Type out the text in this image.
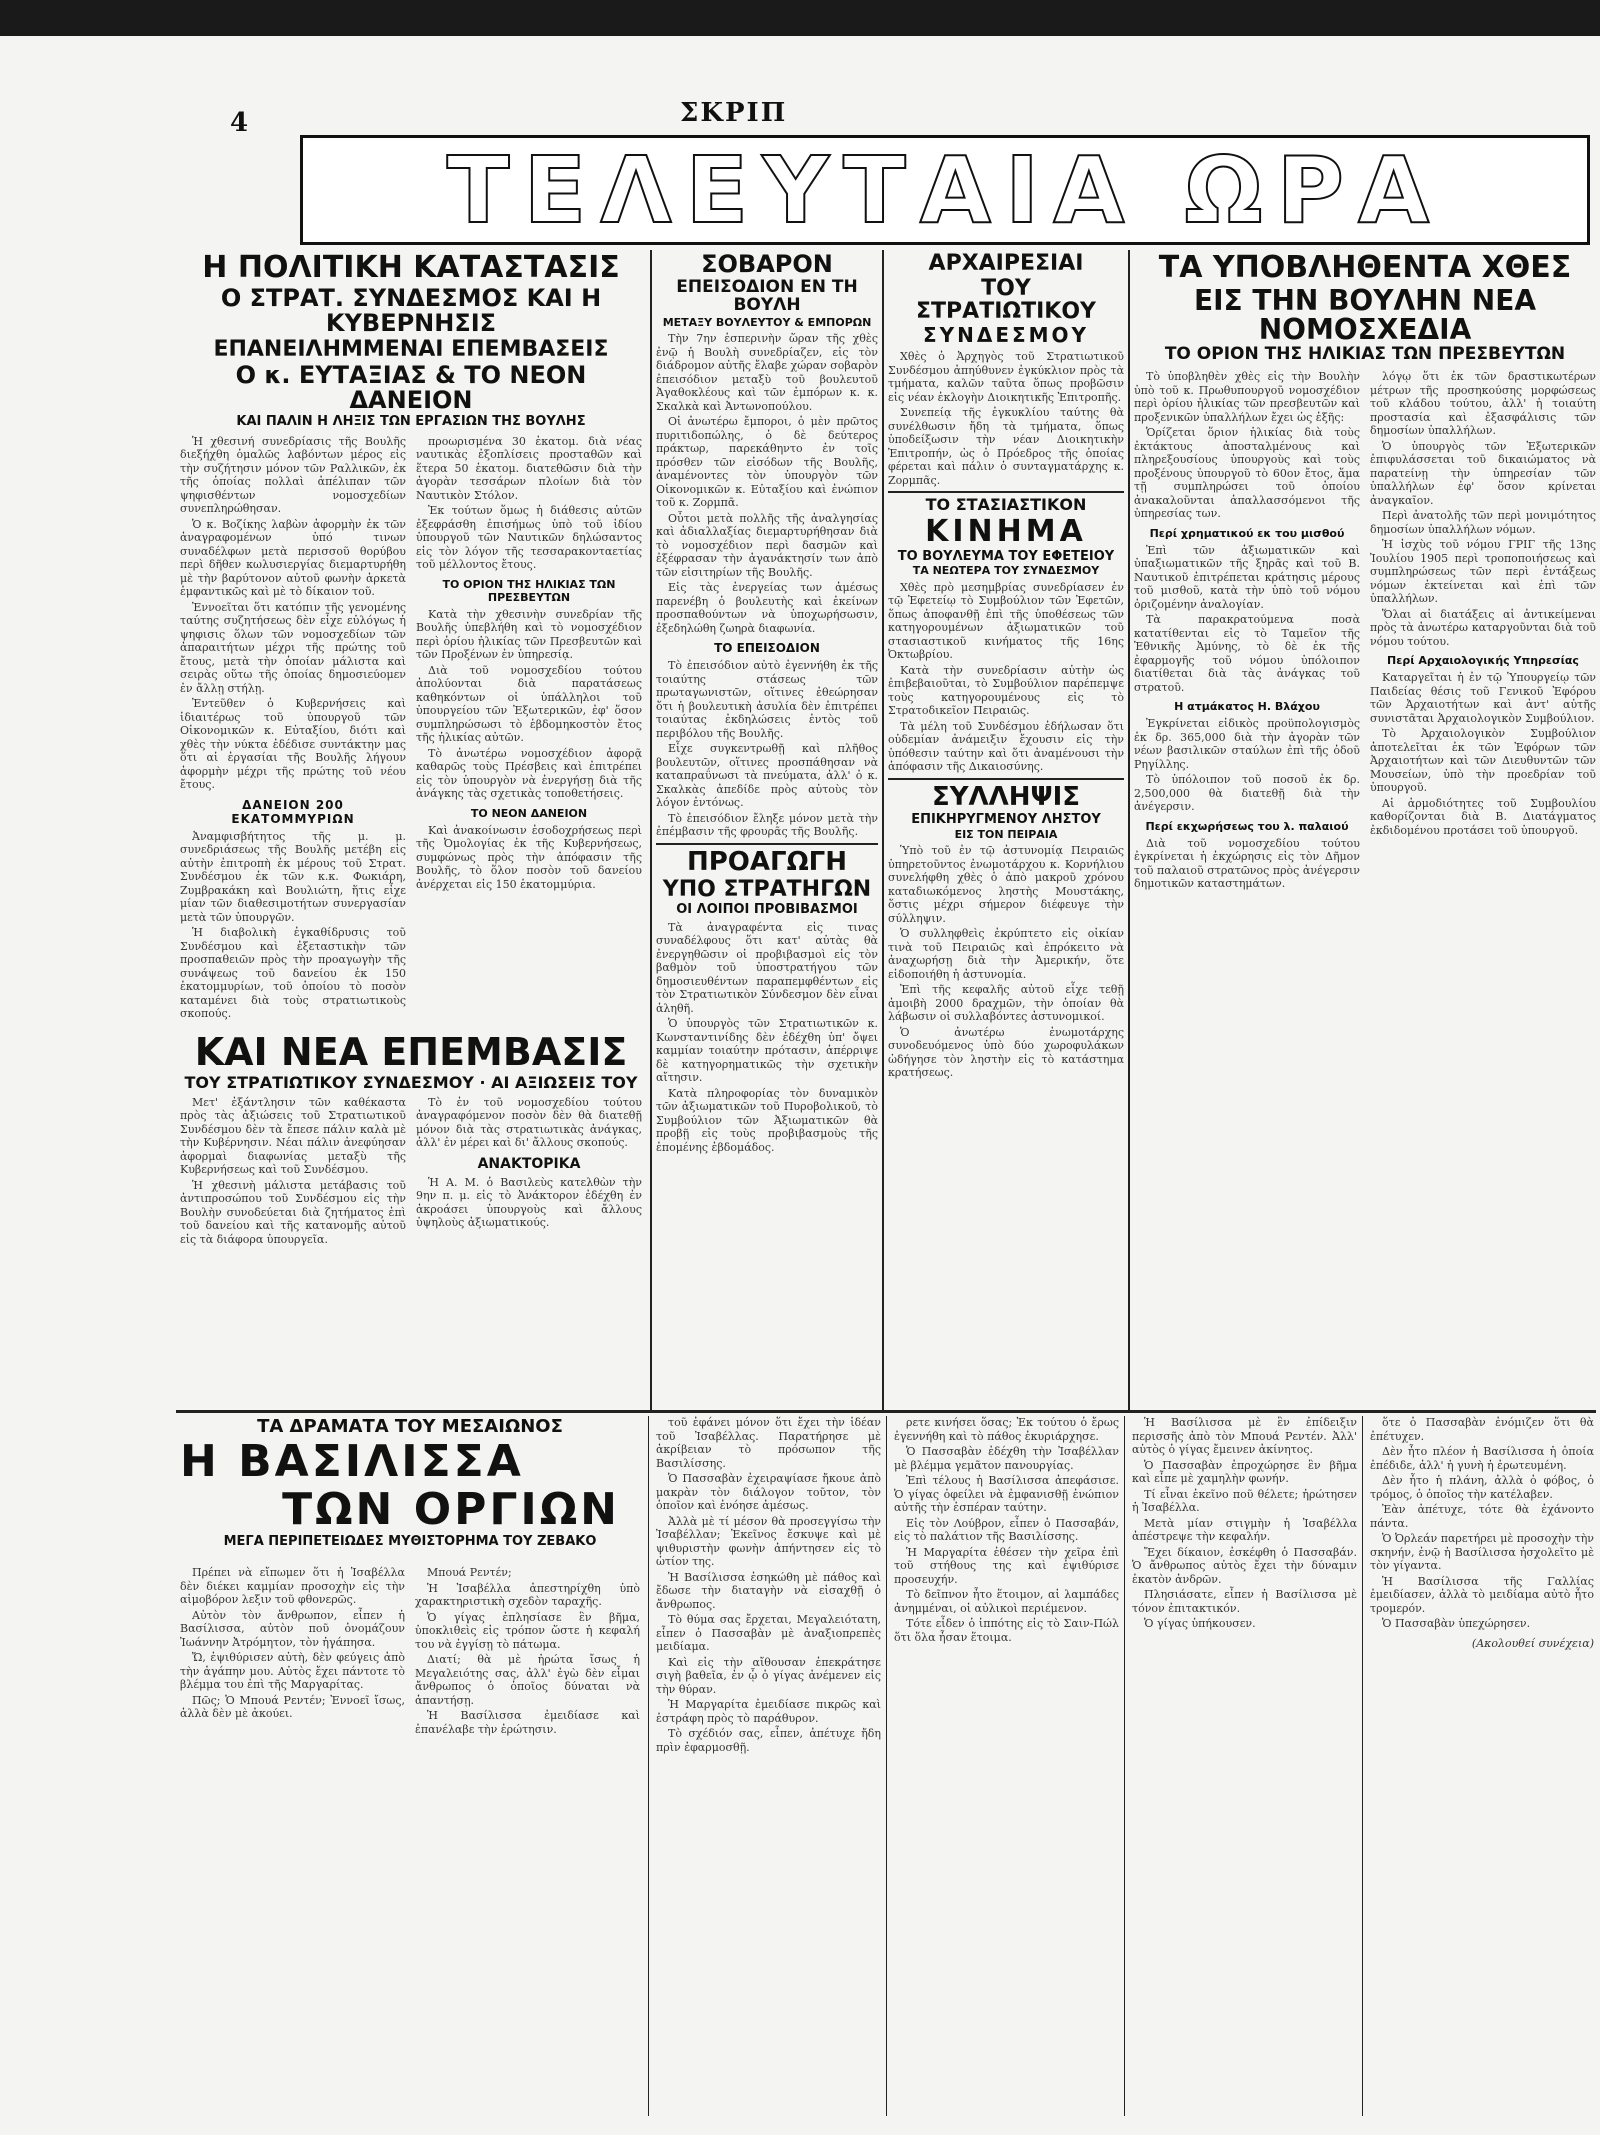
4	ΣΚΡΙΠ
ΤΕΛΕΥΤΑΙΑ ΩΡΑ
Η ΠΟΛΙΤΙΚΗ ΚΑΤΑΣΤΑΣΙΣ
Ο ΣΤΡΑΤ. ΣΥΝΔΕΣΜΟΣ ΚΑΙ Η ΚΥΒΕΡΝΗΣΙΣ
ΕΠΑΝΕΙΛΗΜΜΕΝΑΙ ΕΠΕΜΒΑΣΕΙΣ
Ο κ. ΕΥΤΑΞΙΑΣ & ΤΟ ΝΕΟΝ ΔΑΝΕΙΟΝ
ΚΑΙ ΠΑΛΙΝ Η ΛΗΞΙΣ ΤΩΝ ΕΡΓΑΣΙΩΝ ΤΗΣ ΒΟΥΛΗΣ

Ἡ χθεσινή συνεδρίασις τῆς Βουλῆς διεξήχθη ὁμαλῶς λαβόντων μέρος εἰς τὴν συζήτησιν μόνον τῶν Ραλλικῶν, ἐκ τῆς ὁποίας πολλαὶ ἀπέλιπαν τῶν ψηφισθέντων νομοσχεδίων συνεπληρώθησαν.

Ὁ κ. Βοζίκης λαβὼν ἀφορμὴν ἐκ τῶν ἀναγραφομένων ὑπό τινων συναδέλφων μετὰ περισσοῦ θορύβου περὶ δῆθεν κωλυσιεργίας διεμαρτυρήθη μὲ τὴν βαρύτονον αὐτοῦ φωνὴν ἀρκετὰ ἐμφαντικῶς καὶ μὲ τὸ δίκαιον τοῦ.

Ἐννοεῖται ὅτι κατόπιν τῆς γενομένης ταύτης συζητήσεως δὲν εἶχε εὐλόγως ἡ ψηφισις ὅλων τῶν νομοσχεδίων τῶν ἀπαραιτήτων μέχρι τῆς πρώτης τοῦ ἔτους, μετὰ τὴν ὁποίαν μάλιστα καὶ σειρὰς οὕτω τῆς ὁποίας δημοσιεύομεν ἐν ἄλλῃ στήλῃ.

Ἐντεῦθεν ὁ Κυβερνήσεις καὶ ἰδιαιτέρως τοῦ ὑπουργοῦ τῶν Οἰκονομικῶν κ. Εὐταξίου, διότι καὶ χθὲς τὴν νύκτα ἐδέδισε συντάκτην μας ὅτι αἱ ἐργασίαι τῆς Βουλῆς λήγουν ἀφορμὴν μέχρι τῆς πρώτης τοῦ νέου ἔτους.

ΔΑΝΕΙΟΝ 200 ΕΚΑΤΟΜΜΥΡΙΩΝ

Ἀναμφισβήτητος τῆς μ. μ. συνεδριάσεως τῆς Βουλῆς μετέβη εἰς αὐτὴν ἐπιτροπὴ ἐκ μέρους τοῦ Στρατ. Συνδέσμου ἐκ τῶν κ.κ. Φωκιάρη, Ζυμβρακάκη καὶ Βουλιώτη, ἥτις εἶχε μίαν τῶν διαθεσιμοτήτων συνεργασίαν μετὰ τῶν ὑπουργῶν.

Ἡ διαβολικὴ ἐγκαθίδρυσις τοῦ Συνδέσμου καὶ ἐξεταστικὴν τῶν προσπαθειῶν πρὸς τὴν προαγωγὴν τῆς συνάψεως τοῦ δανείου ἐκ 150 ἑκατομμυρίων, τοῦ ὁποίου τὸ ποσὸν καταμένει διὰ τοὺς στρατιωτικοὺς σκοπούς.

προωρισμένα 30 ἑκατομ. διὰ νέας ναυτικὰς ἐξοπλίσεις προσταθῶν καὶ ἕτερα 50 ἑκατομ. διατεθῶσιν διὰ τὴν ἀγορὰν τεσσάρων πλοίων διὰ τὸν Ναυτικὸν Στόλον.

Ἐκ τούτων ὅμως ἡ διάθεσις αὐτῶν ἐξεφράσθη ἐπισήμως ὑπὸ τοῦ ἰδίου ὑπουργοῦ τῶν Ναυτικῶν δηλώσαντος εἰς τὸν λόγον τῆς τεσσαρακονταετίας τοῦ μέλλοντος ἔτους.

ΤΟ ΟΡΙΟΝ ΤΗΣ ΗΛΙΚΙΑΣ ΤΩΝ ΠΡΕΣΒΕΥΤΩΝ

Κατὰ τὴν χθεσινὴν συνεδρίαν τῆς Βουλῆς ὑπεβλήθη καὶ τὸ νομοσχέδιον περὶ ὁρίου ἡλικίας τῶν Πρεσβευτῶν καὶ τῶν Προξένων ἐν ὑπηρεσίᾳ.

Διὰ τοῦ νομοσχεδίου τούτου ἀπολύονται διὰ παρατάσεως καθηκόντων οἱ ὑπάλληλοι τοῦ ὑπουργείου τῶν Ἐξωτερικῶν, ἐφ' ὅσον συμπληρώσωσι τὸ ἑβδομηκοστὸν ἔτος τῆς ἡλικίας αὐτῶν.

Τὸ ἀνωτέρω νομοσχέδιον ἀφορᾷ καθαρῶς τοὺς Πρέσβεις καὶ ἐπιτρέπει εἰς τὸν ὑπουργὸν νὰ ἐνεργήσῃ διὰ τῆς ἀνάγκης τὰς σχετικὰς τοποθετήσεις.

ΤΟ ΝΕΟΝ ΔΑΝΕΙΟΝ

Καὶ ἀνακοίνωσιν ἐσοδοχρήσεως περὶ τῆς Ὀμολογίας ἐκ τῆς Κυβερνήσεως, συμφώνως πρὸς τὴν ἀπόφασιν τῆς Βουλῆς, τὸ ὅλον ποσὸν τοῦ δανείου ἀνέρχεται εἰς 150 ἑκατομμύρια.

ΚΑΙ ΝΕΑ ΕΠΕΜΒΑΣΙΣ
ΤΟΥ ΣΤΡΑΤΙΩΤΙΚΟΥ ΣΥΝΔΕΣΜΟΥ · ΑΙ ΑΞΙΩΣΕΙΣ ΤΟΥ

Μετ' ἐξάντλησιν τῶν καθέκαστα πρὸς τὰς ἀξιώσεις τοῦ Στρατιωτικοῦ Συνδέσμου δὲν τὰ ἔπεσε πάλιν καλὰ μὲ τὴν Κυβέρνησιν. Νέαι πάλιν ἀνεφύησαν ἀφορμαὶ διαφωνίας μεταξὺ τῆς Κυβερνήσεως καὶ τοῦ Συνδέσμου.

Ἡ χθεσινὴ μάλιστα μετάβασις τοῦ ἀντιπροσώπου τοῦ Συνδέσμου εἰς τὴν Βουλὴν συνοδεύεται διὰ ζητήματος ἐπὶ τοῦ δανείου καὶ τῆς κατανομῆς αὐτοῦ εἰς τὰ διάφορα ὑπουργεῖα.

Τὸ ἐν τοῦ νομοσχεδίου τούτου ἀναγραφόμενον ποσὸν δὲν θὰ διατεθῇ μόνον διὰ τὰς στρατιωτικὰς ἀνάγκας, ἀλλ' ἐν μέρει καὶ δι' ἄλλους σκοπούς.

ΑΝΑΚΤΟΡΙΚΑ

Ἡ Α. Μ. ὁ Βασιλεὺς κατελθὼν τὴν 9ην π. μ. εἰς τὸ Ἀνάκτορον ἐδέχθη ἐν ἀκροάσει ὑπουργοὺς καὶ ἄλλους ὑψηλοὺς ἀξιωματικούς.

ΣΟΒΑΡΟΝ
ΕΠΕΙΣΟΔΙΟΝ ΕΝ ΤΗ ΒΟΥΛΗ
ΜΕΤΑΞΥ ΒΟΥΛΕΥΤΟΥ & ΕΜΠΟΡΩΝ

Τὴν 7ην ἑσπερινὴν ὥραν τῆς χθὲς ἐνῷ ἡ Βουλὴ συνεδρίαζεν, εἰς τὸν διάδρομον αὐτῆς ἔλαβε χώραν σοβαρὸν ἐπεισόδιον μεταξὺ τοῦ βουλευτοῦ Ἀγαθοκλέους καὶ τῶν ἐμπόρων κ. κ. Σκαλκὰ καὶ Ἀντωνοπούλου.

Οἱ ἀνωτέρω ἔμποροι, ὁ μὲν πρῶτος πυριτιδοπώλης, ὁ δὲ δεύτερος πράκτωρ, παρεκάθηντο ἐν τοῖς πρόσθεν τῶν εἰσόδων τῆς Βουλῆς, ἀναμένοντες τὸν ὑπουργὸν τῶν Οἰκονομικῶν κ. Εὐταξίου καὶ ἐνώπιον τοῦ κ. Ζορμπᾶ.

Οὗτοι μετὰ πολλῆς τῆς ἀναλγησίας καὶ ἀδιαλλαξίας διεμαρτυρήθησαν διὰ τὸ νομοσχέδιον περὶ δασμῶν καὶ ἐξέφρασαν τὴν ἀγανάκτησίν των ἀπὸ τῶν εἰσιτηρίων τῆς Βουλῆς.

Εἰς τὰς ἐνεργείας των ἀμέσως παρενέβη ὁ βουλευτὴς καὶ ἐκείνων προσπαθούντων νὰ ὑποχωρήσωσιν, ἐξεδηλώθη ζωηρὰ διαφωνία.

ΤΟ ΕΠΕΙΣΟΔΙΟΝ

Τὸ ἐπεισόδιον αὐτὸ ἐγεννήθη ἐκ τῆς τοιαύτης στάσεως τῶν πρωταγωνιστῶν, οἵτινες ἐθεώρησαν ὅτι ἡ βουλευτικὴ ἀσυλία δὲν ἐπιτρέπει τοιαύτας ἐκδηλώσεις ἐντὸς τοῦ περιβόλου τῆς Βουλῆς.

Εἶχε συγκεντρωθῇ καὶ πλῆθος βουλευτῶν, οἵτινες προσπάθησαν νὰ καταπραΰνωσι τὰ πνεύματα, ἀλλ' ὁ κ. Σκαλκὰς ἀπεδίδε πρὸς αὐτοὺς τὸν λόγον ἐντόνως.

Τὸ ἐπεισόδιον ἔληξε μόνον μετὰ τὴν ἐπέμβασιν τῆς φρουρᾶς τῆς Βουλῆς.

ΠΡΟΑΓΩΓΗ
ΥΠΟ ΣΤΡΑΤΗΓΩΝ
ΟΙ ΛΟΙΠΟΙ ΠΡΟΒΙΒΑΣΜΟΙ

Τὰ ἀναγραφέντα εἰς τινας συναδέλφους ὅτι κατ' αὐτὰς θὰ ἐνεργηθῶσιν οἱ προβιβασμοὶ εἰς τὸν βαθμὸν τοῦ ὑποστρατήγου τῶν δημοσιευθέντων παραπεμφθέντων εἰς τὸν Στρατιωτικὸν Σύνδεσμον δὲν εἶναι ἀληθῆ.

Ὁ ὑπουργὸς τῶν Στρατιωτικῶν κ. Κωνσταντινίδης δὲν ἐδέχθη ὑπ' ὄψει καμμίαν τοιαύτην πρότασιν, ἀπέρριψε δὲ κατηγορηματικῶς τὴν σχετικὴν αἴτησιν.

Κατὰ πληροφορίας τὸν δυναμικὸν τῶν ἀξιωματικῶν τοῦ Πυροβολικοῦ, τὸ Συμβούλιον τῶν Ἀξιωματικῶν θὰ προβῇ εἰς τοὺς προβιβασμοὺς τῆς ἑπομένης ἑβδομάδος.

ΑΡΧΑΙΡΕΣΙΑΙ
ΤΟΥ ΣΤΡΑΤΙΩΤΙΚΟΥ
ΣΥΝΔΕΣΜΟΥ

Χθὲς ὁ Ἀρχηγὸς τοῦ Στρατιωτικοῦ Συνδέσμου ἀπηύθυνεν ἐγκύκλιον πρὸς τὰ τμήματα, καλῶν ταῦτα ὅπως προβῶσιν εἰς νέαν ἐκλογὴν Διοικητικῆς Ἐπιτροπῆς.

Συνεπείᾳ τῆς ἐγκυκλίου ταύτης θὰ συνέλθωσιν ἤδη τὰ τμήματα, ὅπως ὑποδείξωσιν τὴν νέαν Διοικητικὴν Ἐπιτροπήν, ὡς ὁ Πρόεδρος τῆς ὁποίας φέρεται καὶ πάλιν ὁ συνταγματάρχης κ. Ζορμπᾶς.

ΤΟ ΣΤΑΣΙΑΣΤΙΚΟΝ
ΚΙΝΗΜΑ
ΤΟ ΒΟΥΛΕΥΜΑ ΤΟΥ ΕΦΕΤΕΙΟΥ
ΤΑ ΝΕΩΤΕΡΑ ΤΟΥ ΣΥΝΔΕΣΜΟΥ

Χθὲς πρὸ μεσημβρίας συνεδρίασεν ἐν τῷ Ἐφετείῳ τὸ Συμβούλιον τῶν Ἐφετῶν, ὅπως ἀποφανθῇ ἐπὶ τῆς ὑποθέσεως τῶν κατηγορουμένων ἀξιωματικῶν τοῦ στασιαστικοῦ κινήματος τῆς 16ης Ὀκτωβρίου.

Κατὰ τὴν συνεδρίασιν αὐτὴν ὡς ἐπιβεβαιοῦται, τὸ Συμβούλιον παρέπεμψε τοὺς κατηγορουμένους εἰς τὸ Στρατοδικεῖον Πειραιῶς.

Τὰ μέλη τοῦ Συνδέσμου ἐδήλωσαν ὅτι οὐδεμίαν ἀνάμειξιν ἔχουσιν εἰς τὴν ὑπόθεσιν ταύτην καὶ ὅτι ἀναμένουσι τὴν ἀπόφασιν τῆς Δικαιοσύνης.

ΣΥΛΛΗΨΙΣ
ΕΠΙΚΗΡΥΓΜΕΝΟΥ ΛΗΣΤΟΥ
ΕΙΣ ΤΟΝ ΠΕΙΡΑΙΑ

Ὑπὸ τοῦ ἐν τῷ ἀστυνομίᾳ Πειραιῶς ὑπηρετοῦντος ἐνωμοτάρχου κ. Κορνήλιου συνελήφθη χθὲς ὁ ἀπὸ μακροῦ χρόνου καταδιωκόμενος ληστὴς Μουστάκης, ὅστις μέχρι σήμερον διέφευγε τὴν σύλληψιν.

Ὁ συλληφθεὶς ἐκρύπτετο εἰς οἰκίαν τινὰ τοῦ Πειραιῶς καὶ ἐπρόκειτο νὰ ἀναχωρήσῃ διὰ τὴν Ἀμερικήν, ὅτε εἰδοποιήθη ἡ ἀστυνομία.

Ἐπὶ τῆς κεφαλῆς αὐτοῦ εἶχε τεθῇ ἀμοιβὴ 2000 δραχμῶν, τὴν ὁποίαν θὰ λάβωσιν οἱ συλλαβόντες ἀστυνομικοί.

Ὁ ἀνωτέρω ἐνωμοτάρχης συνοδευόμενος ὑπὸ δύο χωροφυλάκων ὡδήγησε τὸν ληστὴν εἰς τὸ κατάστημα κρατήσεως.

ΤΑ ΥΠΟΒΛΗΘΕΝΤΑ ΧΘΕΣ
ΕΙΣ ΤΗΝ ΒΟΥΛΗΝ ΝΕΑ ΝΟΜΟΣΧΕΔΙΑ
ΤΟ ΟΡΙΟΝ ΤΗΣ ΗΛΙΚΙΑΣ ΤΩΝ ΠΡΕΣΒΕΥΤΩΝ

Τὸ ὑποβληθὲν χθὲς εἰς τὴν Βουλὴν ὑπὸ τοῦ κ. Πρωθυπουργοῦ νομοσχέδιον περὶ ὁρίου ἡλικίας τῶν πρεσβευτῶν καὶ προξενικῶν ὑπαλλήλων ἔχει ὡς ἑξῆς:

Ὁρίζεται ὅριον ἡλικίας διὰ τοὺς ἐκτάκτους ἀποσταλμένους καὶ πληρεξουσίους ὑπουργοὺς καὶ τοὺς προξένους ὑπουργοῦ τὸ 60ον ἔτος, ἅμα τῇ συμπληρώσει τοῦ ὁποίου ἀνακαλοῦνται ἀπαλλασσόμενοι τῆς ὑπηρεσίας των.

Περί χρηματικού εκ του μισθού

Ἐπὶ τῶν ἀξιωματικῶν καὶ ὑπαξιωματικῶν τῆς ξηρᾶς καὶ τοῦ Β. Ναυτικοῦ ἐπιτρέπεται κράτησις μέρους τοῦ μισθοῦ, κατὰ τὴν ὑπὸ τοῦ νόμου ὁριζομένην ἀναλογίαν.

Τὰ παρακρατούμενα ποσὰ κατατίθενται εἰς τὸ Ταμεῖον τῆς Ἐθνικῆς Ἀμύνης, τὸ δὲ ἐκ τῆς ἐφαρμογῆς τοῦ νόμου ὑπόλοιπον διατίθεται διὰ τὰς ἀνάγκας τοῦ στρατοῦ.

Η ατμάκατος Η. Βλάχου

Ἐγκρίνεται εἰδικὸς προϋπολογισμὸς ἐκ δρ. 365,000 διὰ τὴν ἀγορὰν τῶν νέων βασιλικῶν σταύλων ἐπὶ τῆς ὁδοῦ Ρηγίλλης.

Τὸ ὑπόλοιπον τοῦ ποσοῦ ἐκ δρ. 2,500,000 θὰ διατεθῇ διὰ τὴν ἀνέγερσιν.

Περί εκχωρήσεως του λ. παλαιού

Διὰ τοῦ νομοσχεδίου τούτου ἐγκρίνεται ἡ ἐκχώρησις εἰς τὸν Δῆμον τοῦ παλαιοῦ στρατῶνος πρὸς ἀνέγερσιν δημοτικῶν καταστημάτων.

λόγῳ ὅτι ἐκ τῶν δραστικωτέρων μέτρων τῆς προσηκούσης μορφώσεως τοῦ κλάδου τούτου, ἀλλ' ἡ τοιαύτη προστασία καὶ ἐξασφάλισις τῶν δημοσίων ὑπαλλήλων.

Ὁ ὑπουργὸς τῶν Ἐξωτερικῶν ἐπιφυλάσσεται τοῦ δικαιώματος νὰ παρατείνῃ τὴν ὑπηρεσίαν τῶν ὑπαλλήλων ἐφ' ὅσον κρίνεται ἀναγκαῖον.

Περὶ ἀνατολῆς τῶν περὶ μονιμότητος δημοσίων ὑπαλλήλων νόμων.

Ἡ ἰσχὺς τοῦ νόμου ΓΡΙΓ τῆς 13ης Ἰουλίου 1905 περὶ τροποποιήσεως καὶ συμπληρώσεως τῶν περὶ ἐντάξεως νόμων ἐκτείνεται καὶ ἐπὶ τῶν ὑπαλλήλων.

Ὅλαι αἱ διατάξεις αἱ ἀντικείμεναι πρὸς τὰ ἀνωτέρω καταργοῦνται διὰ τοῦ νόμου τούτου.

Περί Αρχαιολογικής Υπηρεσίας

Καταργεῖται ἡ ἐν τῷ Ὑπουργείῳ τῶν Παιδείας θέσις τοῦ Γενικοῦ Ἐφόρου τῶν Ἀρχαιοτήτων καὶ ἀντ' αὐτῆς συνιστᾶται Ἀρχαιολογικὸν Συμβούλιον.

Τὸ Ἀρχαιολογικὸν Συμβούλιον ἀποτελεῖται ἐκ τῶν Ἐφόρων τῶν Ἀρχαιοτήτων καὶ τῶν Διευθυντῶν τῶν Μουσείων, ὑπὸ τὴν προεδρίαν τοῦ ὑπουργοῦ.

Αἱ ἁρμοδιότητες τοῦ Συμβουλίου καθορίζονται διὰ Β. Διατάγματος ἐκδιδομένου προτάσει τοῦ ὑπουργοῦ.

ΤΑ ΔΡΑΜΑΤΑ ΤΟΥ ΜΕΣΑΙΩΝΟΣ
Η ΒΑΣΙΛΙΣΣΑ
ΤΩΝ ΟΡΓΙΩΝ
ΜΕΓΑ ΠΕΡΙΠΕΤΕΙΩΔΕΣ ΜΥΘΙΣΤΟΡΗΜΑ ΤΟΥ ΖΕΒΑΚΟ

Πρέπει νὰ εἴπωμεν ὅτι ἡ Ἰσαβέλλα δὲν διέκει καμμίαν προσοχὴν εἰς τὴν αἱμοβόρον λεξιν τοῦ φθονερῶς.

Αὐτὸν τὸν ἄνθρωπον, εἶπεν ἡ Βασίλισσα, αὐτὸν ποῦ ὀνομάζουν Ἰωάννην Ἀτρόμητον, τὸν ἠγάπησα.

Ὤ, ἐψιθύρισεν αὐτὴ, δὲν φεύγεις ἀπὸ τὴν ἀγάπην μου. Αὐτὸς ἔχει πάντοτε τὸ βλέμμα του ἐπὶ τῆς Μαργαρίτας.

Πῶς; Ὁ Μπουά Ρεντέν; Ἐννοεῖ ἴσως, ἀλλὰ δὲν μὲ ἀκούει.

Μπουά Ρεντέν;

Ἡ Ἰσαβέλλα ἀπεστηρίχθη ὑπὸ χαρακτηριστικὴ σχεδὸν ταραχῆς.

Ὁ γίγας ἐπλησίασε ἓν βῆμα, ὑποκλιθεὶς εἰς τρόπον ὥστε ἡ κεφαλή του νὰ ἐγγίσῃ τὸ πάτωμα.

Διατί; θὰ μὲ ἠρώτα ἴσως ἡ Μεγαλειότης σας, ἀλλ' ἐγὼ δὲν εἶμαι ἄνθρωπος ὁ ὁποῖος δύναται νὰ ἀπαντήσῃ.

Ἡ Βασίλισσα ἐμειδίασε καὶ ἐπανέλαβε τὴν ἐρώτησιν.

τοῦ ἐφάνει μόνον ὅτι ἔχει τὴν ἰδέαν τοῦ Ἰσαβέλλας. Παρατήρησε μὲ ἀκρίβειαν τὸ πρόσωπον τῆς Βασιλίσσης.

Ὁ Πασσαβὰν ἐχειραψίασε ἤκουε ἀπὸ μακρὰν τὸν διάλογον τοῦτον, τὸν ὁποῖον καὶ ἐνόησε ἀμέσως.

Ἀλλὰ μὲ τί μέσον θὰ προσεγγίσω τὴν Ἰσαβέλλαν; Ἐκεῖνος ἔσκυψε καὶ μὲ ψιθυριστὴν φωνὴν ἀπήντησεν εἰς τὸ ὠτίον της.

Ἡ Βασίλισσα ἐσηκώθη μὲ πάθος καὶ ἔδωσε τὴν διαταγὴν νὰ εἰσαχθῇ ὁ ἄνθρωπος.

Τὸ θύμα σας ἔρχεται, Μεγαλειότατη, εἶπεν ὁ Πασσαβὰν μὲ ἀναξιοπρεπὲς μειδίαμα.

Καὶ εἰς τὴν αἴθουσαν ἐπεκράτησε σιγὴ βαθεῖα, ἐν ᾧ ὁ γίγας ἀνέμενεν εἰς τὴν θύραν.

Ἡ Μαργαρίτα ἐμειδίασε πικρῶς καὶ ἐστράφη πρὸς τὸ παράθυρον.

Τὸ σχέδιόν σας, εἶπεν, ἀπέτυχε ἤδη πρὶν ἐφαρμοσθῇ.

ρετε κινήσει ὅσας; Ἐκ τούτου ὁ ἔρως ἐγεννήθη καὶ τὸ πάθος ἐκυριάρχησε.

Ὁ Πασσαβὰν ἐδέχθη τὴν Ἰσαβέλλαν μὲ βλέμμα γεμᾶτον πανουργίας.

Ἐπὶ τέλους ἡ Βασίλισσα ἀπεφάσισε. Ὁ γίγας ὀφείλει νὰ ἐμφανισθῇ ἐνώπιον αὐτῆς τὴν ἑσπέραν ταύτην.

Εἰς τὸν Λούβρον, εἶπεν ὁ Πασσαβάν, εἰς τὸ παλάτιον τῆς Βασιλίσσης.

Ἡ Μαργαρίτα ἐθέσεν τὴν χεῖρα ἐπὶ τοῦ στήθους της καὶ ἐψιθύρισε προσευχήν.

Τὸ δεῖπνον ἦτο ἕτοιμον, αἱ λαμπάδες ἀνημμέναι, οἱ αὐλικοὶ περιέμενον.

Τότε εἶδεν ὁ ἱππότης εἰς τὸ Σαιν-Πώλ ὅτι ὅλα ἦσαν ἕτοιμα.

Ἡ Βασίλισσα μὲ ἓν ἐπίδειξιν περισσῆς ἀπὸ τὸν Μπουά Ρεντέν. Ἀλλ' αὐτὸς ὁ γίγας ἔμεινεν ἀκίνητος.

Ὁ Πασσαβὰν ἐπροχώρησε ἓν βῆμα καὶ εἶπε μὲ χαμηλὴν φωνήν.

Τί εἶναι ἐκεῖνο ποῦ θέλετε; ἠρώτησεν ἡ Ἰσαβέλλα.

Μετὰ μίαν στιγμὴν ἡ Ἰσαβέλλα ἀπέστρεψε τὴν κεφαλήν.

Ἔχει δίκαιον, ἐσκέφθη ὁ Πασσαβάν. Ὁ ἄνθρωπος αὐτὸς ἔχει τὴν δύναμιν ἑκατὸν ἀνδρῶν.

Πλησιάσατε, εἶπεν ἡ Βασίλισσα μὲ τόνον ἐπιτακτικόν.

Ὁ γίγας ὑπήκουσεν.

ὅτε ὁ Πασσαβὰν ἐνόμιζεν ὅτι θὰ ἐπέτυχεν.

Δὲν ἦτο πλέον ἡ Βασίλισσα ἡ ὁποία ἐπέδιδε, ἀλλ' ἡ γυνὴ ἡ ἐρωτευμένη.

Δὲν ἦτο ἡ πλάνη, ἀλλὰ ὁ φόβος, ὁ τρόμος, ὁ ὁποῖος τὴν κατέλαβεν.

Ἐὰν ἀπέτυχε, τότε θὰ ἐχάνοντο πάντα.

Ὁ Ὀρλεάν παρετήρει μὲ προσοχὴν τὴν σκηνήν, ἐνῷ ἡ Βασίλισσα ἠσχολεῖτο μὲ τὸν γίγαντα.

Ἡ Βασίλισσα τῆς Γαλλίας ἐμειδίασεν, ἀλλὰ τὸ μειδίαμα αὐτὸ ἦτο τρομερόν.

Ὁ Πασσαβὰν ὑπεχώρησεν.

(Ακολουθεί συνέχεια)
